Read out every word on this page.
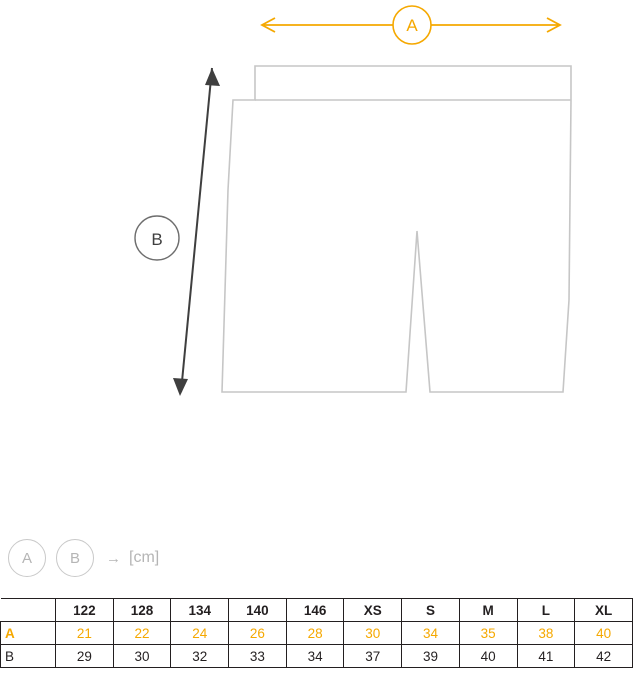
A
B
A	B → [cm]
	122	128	134	140	146	XS	S	M	L	XL
A	21	22	24	26	28	30	34	35	38	40
B	29	30	32	33	34	37	39	40	41	42
